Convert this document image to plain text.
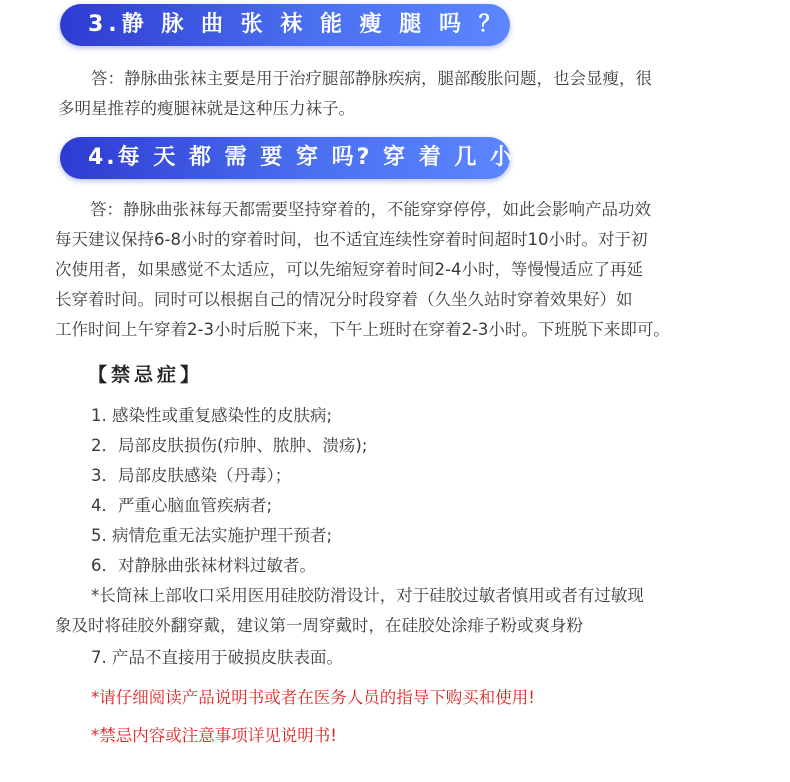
3.静 脉 曲 张 袜 能 瘦 腿 吗 ？
答：静脉曲张袜主要是用于治疗腿部静脉疾病，腿部酸胀问题，也会显瘦，很
多明星推荐的瘦腿袜就是这种压力袜子。
4.每 天 都 需 要 穿 吗? 穿 着 几 小 时 ?
答：静脉曲张袜每天都需要坚持穿着的，不能穿穿停停，如此会影响产品功效
每天建议保持6-8小时的穿着时间，也不适宜连续性穿着时间超时10小时。对于初
次使用者，如果感觉不太适应，可以先缩短穿着时间2-4小时，等慢慢适应了再延
长穿着时间。同时可以根据自己的情况分时段穿着（久坐久站时穿着效果好）如
工作时间上午穿着2-3小时后脱下来，下午上班时在穿着2-3小时。下班脱下来即可。
【禁忌症】
1. 感染性或重复感染性的皮肤病;
2．局部皮肤损伤(疖肿、脓肿、溃疡);
3．局部皮肤感染（丹毒）；
4．严重心脑血管疾病者;
5. 病情危重无法实施护理干预者;
6．对静脉曲张袜材料过敏者。
*长筒袜上部收口采用医用硅胶防滑设计，对于硅胶过敏者慎用或者有过敏现
象及时将硅胶外翻穿戴，建议第一周穿戴时，在硅胶处涂痱子粉或爽身粉
7. 产品不直接用于破损皮肤表面。
*请仔细阅读产品说明书或者在医务人员的指导下购买和使用!
*禁忌内容或注意事项详见说明书!
